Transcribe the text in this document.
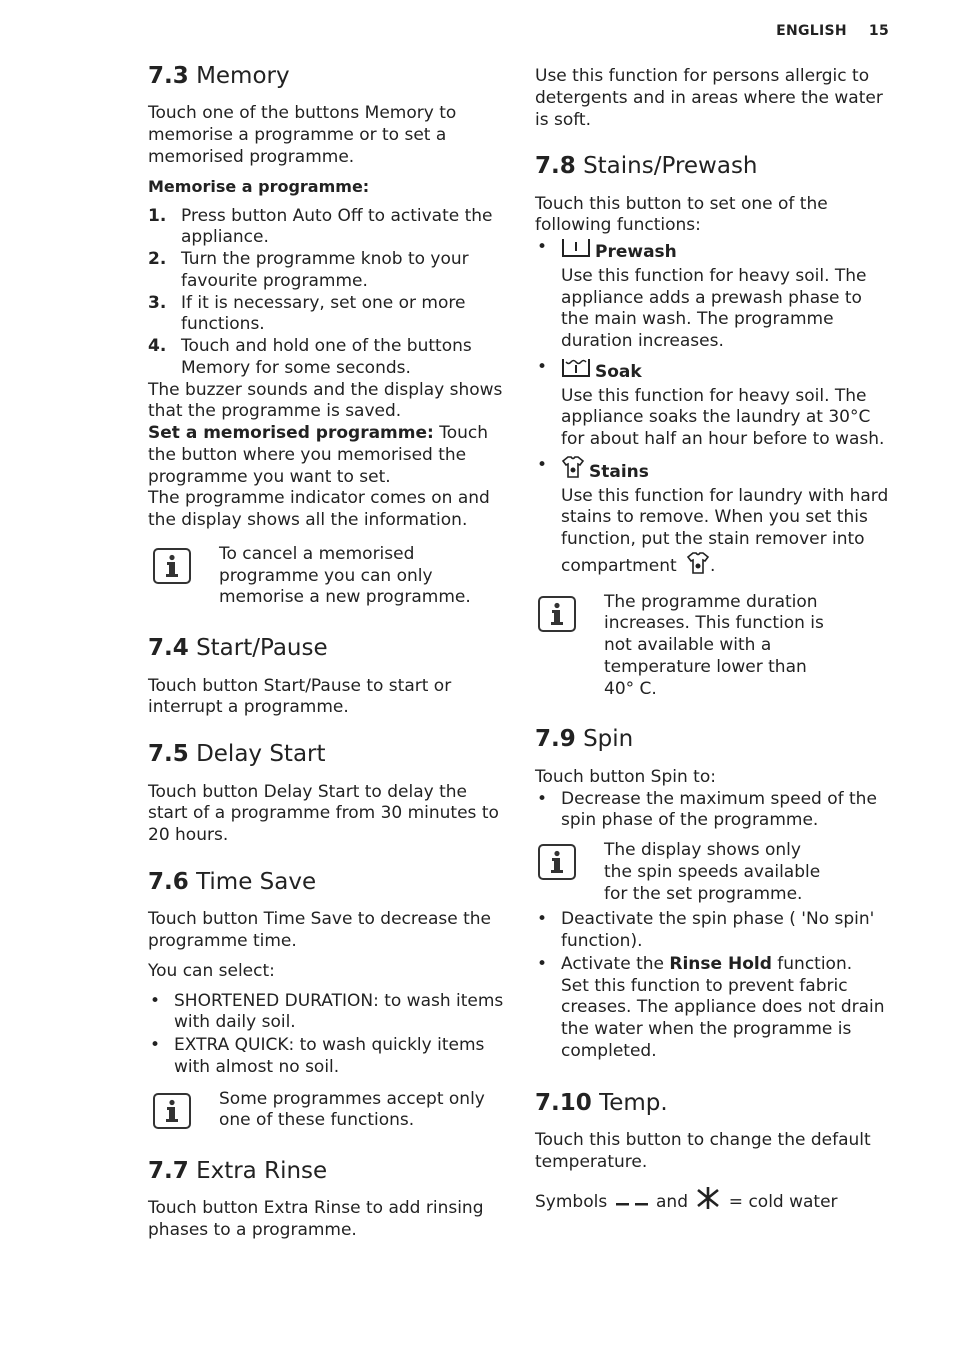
ENGLISH 15
7.3 Memory

Touch one of the buttons Memory to memorise a programme or to set a memorised programme.

Memorise a programme:
1. Press button Auto Off to activate the appliance.
2. Turn the programme knob to your favourite programme.
3. If it is necessary, set one or more functions.
4. Touch and hold one of the buttons Memory for some seconds.

The buzzer sounds and the display shows that the programme is saved.

Set a memorised programme: Touch the button where you memorised the programme you want to set.

The programme indicator comes on and the display shows all the information.

To cancel a memorised programme you can only memorise a new programme.
7.4 Start/Pause

Touch button Start/Pause to start or interrupt a programme.

7.5 Delay Start

Touch button Delay Start to delay the start of a programme from 30 minutes to 20 hours.

7.6 Time Save

Touch button Time Save to decrease the programme time.

You can select:

• SHORTENED DURATION: to wash items with daily soil.
• EXTRA QUICK: to wash quickly items with almost no soil.
Some programmes accept only one of these functions.
7.7 Extra Rinse

Touch button Extra Rinse to add rinsing phases to a programme.

Use this function for persons allergic to detergents and in areas where the water is soft.

7.8 Stains/Prewash

Touch this button to set one of the following functions:

•	Prewash
Use this function for heavy soil. The appliance adds a prewash phase to the main wash. The programme duration increases.
•	Soak
Use this function for heavy soil. The appliance soaks the laundry at 30°C for about half an hour before to wash.
• Stains
Use this function for laundry with hard stains to remove. When you set this function, put the stain remover into compartment .
The programme duration increases. This function is not available with a temperature lower than 40° C.
7.9 Spin

Touch button Spin to:

• Decrease the maximum speed of the spin phase of the programme.
The display shows only the spin speeds available for the set programme.
• Deactivate the spin phase ( 'No spin' function).
• Activate the Rinse Hold function.
Set this function to prevent fabric creases. The appliance does not drain the water when the programme is completed.
7.10 Temp.

Touch this button to change the default temperature.

Symbols	and = cold water
